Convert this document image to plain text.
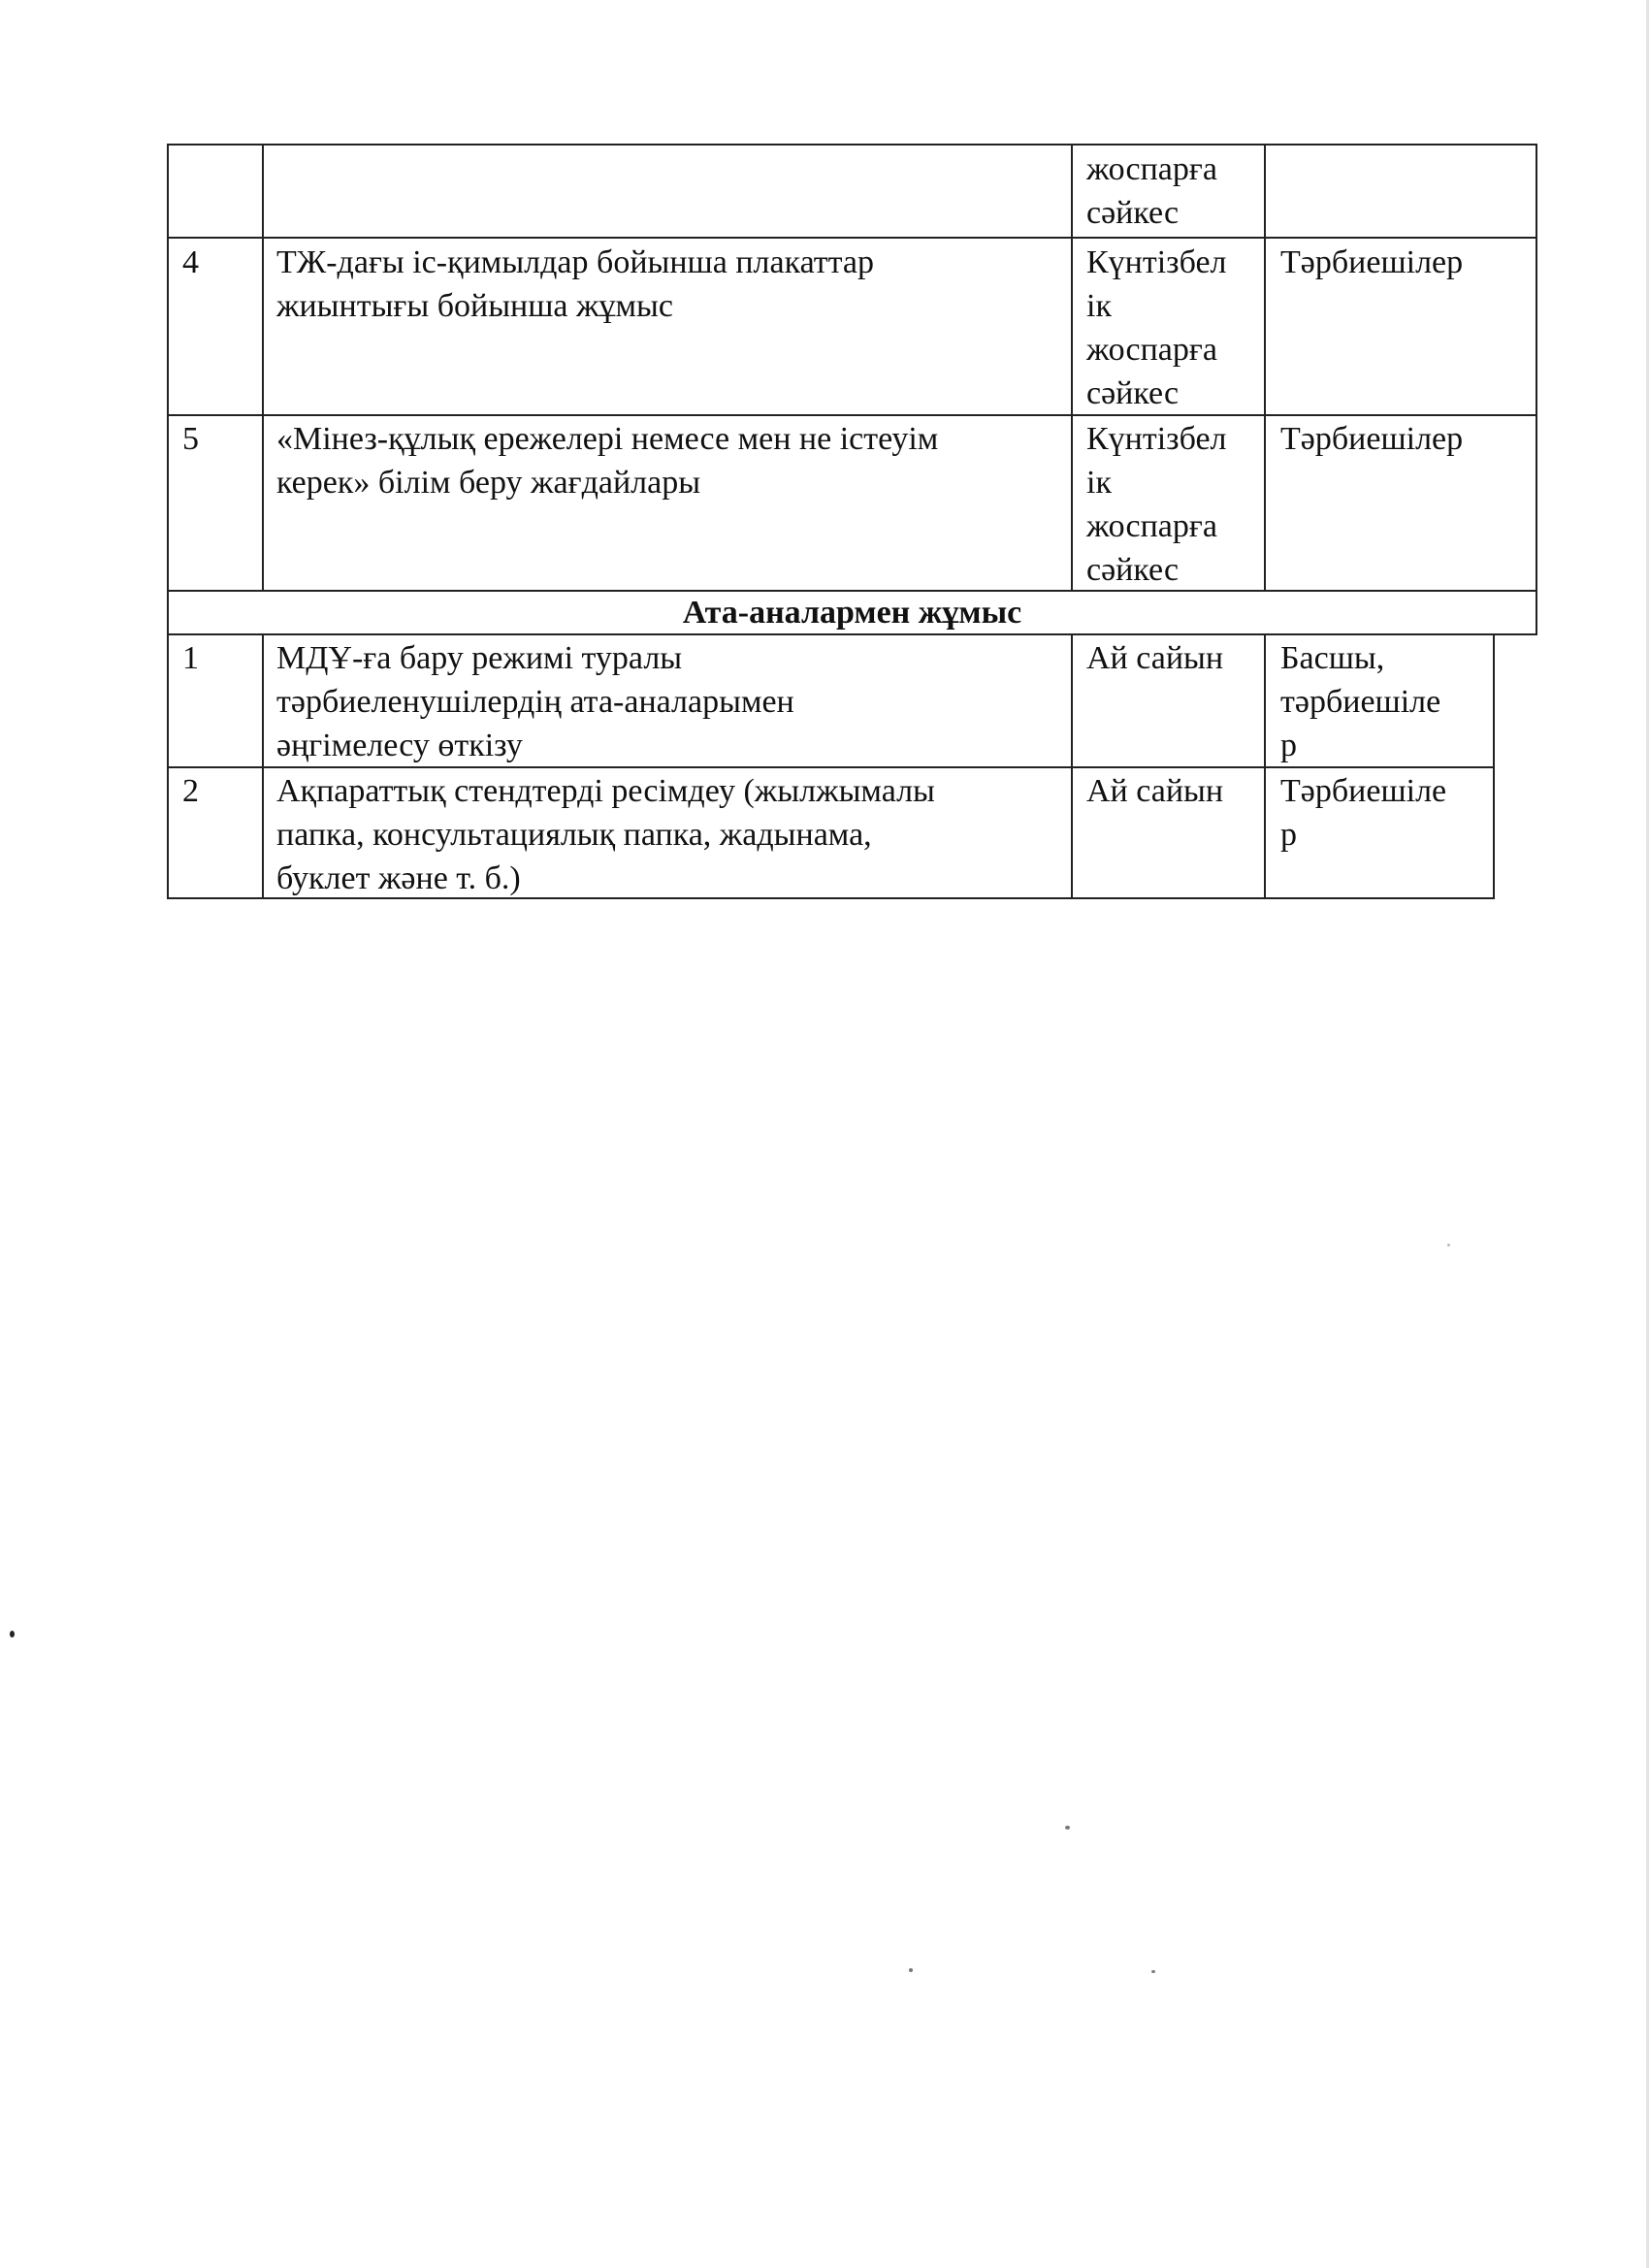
жоспарға
сәйкес
4 ТЖ-дағы іс-қимылдар бойынша плакаттар
жиынтығы бойынша жұмыс
Күнтізбел
ік
жоспарға
сәйкес
Тәрбиешілер
5 «Мінез-құлық ережелері немесе мен не істеуім
керек» білім беру жағдайлары
Күнтізбел
ік
жоспарға
сәйкес
Тәрбиешілер
Ата-аналармен жұмыс
1 МДҰ-ға бару режимі туралы
тәрбиеленушілердің ата-аналарымен
әңгімелесу өткізу
Ай сайын Басшы,
тәрбиешіле
р
2 Ақпараттық стендтерді ресімдеу (жылжымалы
папка, консультациялық папка, жадынама,
буклет және т. б.)
Ай сайын Тәрбиешіле
р
